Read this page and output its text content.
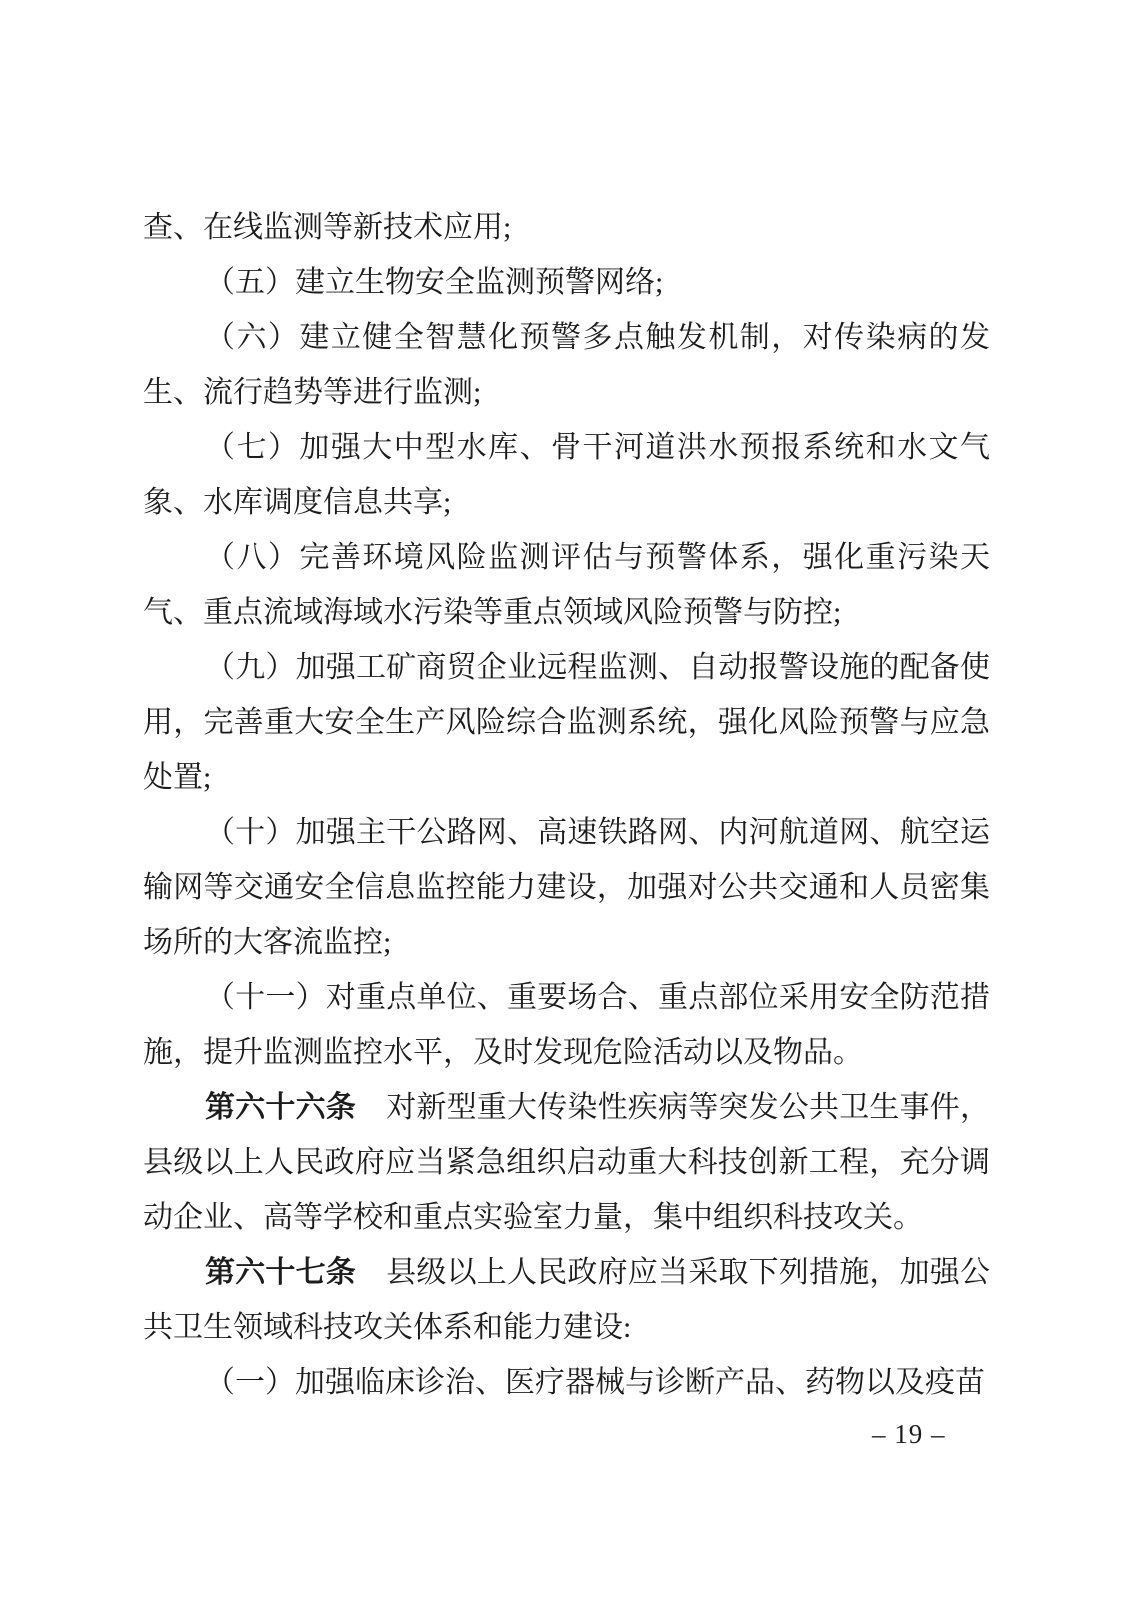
查、在线监测等新技术应用;

（五）建立生物安全监测预警网络;

（六）建立健全智慧化预警多点触发机制，对传染病的发生、流行趋势等进行监测;

（七）加强大中型水库、骨干河道洪水预报系统和水文气象、水库调度信息共享;

（八）完善环境风险监测评估与预警体系，强化重污染天气、重点流域海域水污染等重点领域风险预警与防控;

（九）加强工矿商贸企业远程监测、自动报警设施的配备使用，完善重大安全生产风险综合监测系统，强化风险预警与应急处置;

（十）加强主干公路网、高速铁路网、内河航道网、航空运输网等交通安全信息监控能力建设，加强对公共交通和人员密集场所的大客流监控;

（十一）对重点单位、重要场合、重点部位采用安全防范措施，提升监测监控水平，及时发现危险活动以及物品。

第六十六条　对新型重大传染性疾病等突发公共卫生事件，县级以上人民政府应当紧急组织启动重大科技创新工程，充分调动企业、高等学校和重点实验室力量，集中组织科技攻关。

第六十七条　县级以上人民政府应当采取下列措施，加强公共卫生领域科技攻关体系和能力建设:

（一）加强临床诊治、医疗器械与诊断产品、药物以及疫苗

– 19 –
